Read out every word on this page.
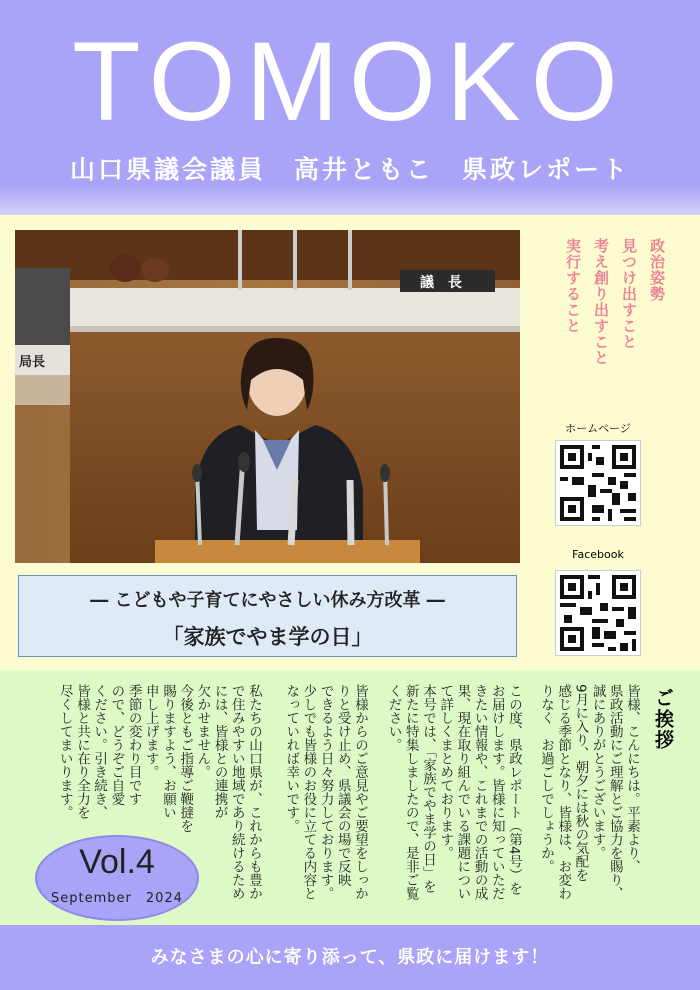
TOMOKO
山口県議会議員　高井ともこ　県政レポート
局長
議　長	政治姿勢
見つけ出すこと
考え創り出すこと
実行すること
ホームページ
Facebook
― こどもや子育てにやさしい休み方改革 ―
「家族でやま学の日」
ご挨拶
皆様、こんにちは。平素より、
県政活動にご理解とご協力を賜り、
誠にありがとうございます。
9月に入り、朝夕には秋の気配を
感じる季節となり、皆様は、お変わ
りなく　お過ごしでしょうか。
この度、県政レポート（第4号）を
お届けします。皆様に知っていただ
きたい情報や、これまでの活動の成
果、現在取り組んでいる課題につい
て詳しくまとめております。
本号では、「家族でやま学の日」を
新たに特集しましたので、是非ご覧
ください。
皆様からのご意見やご要望をしっか
りと受け止め、県議会の場で反映
できるよう日々努力しております。
少しでも皆様のお役に立てる内容と
なっていれば幸いです。
私たちの山口県が、これからも豊か
で住みやすい地域であり続けるため
には、皆様との連携が
欠かせません。
今後ともご指導ご鞭撻を
賜りますよう、お願い
申し上げます。
季節の変わり目です
ので、どうぞご自愛
ください。引き続き、
皆様と共に在り全力を
尽くしてまいります。
Vol.4
September　2024
みなさまの心に寄り添って、県政に届けます！
